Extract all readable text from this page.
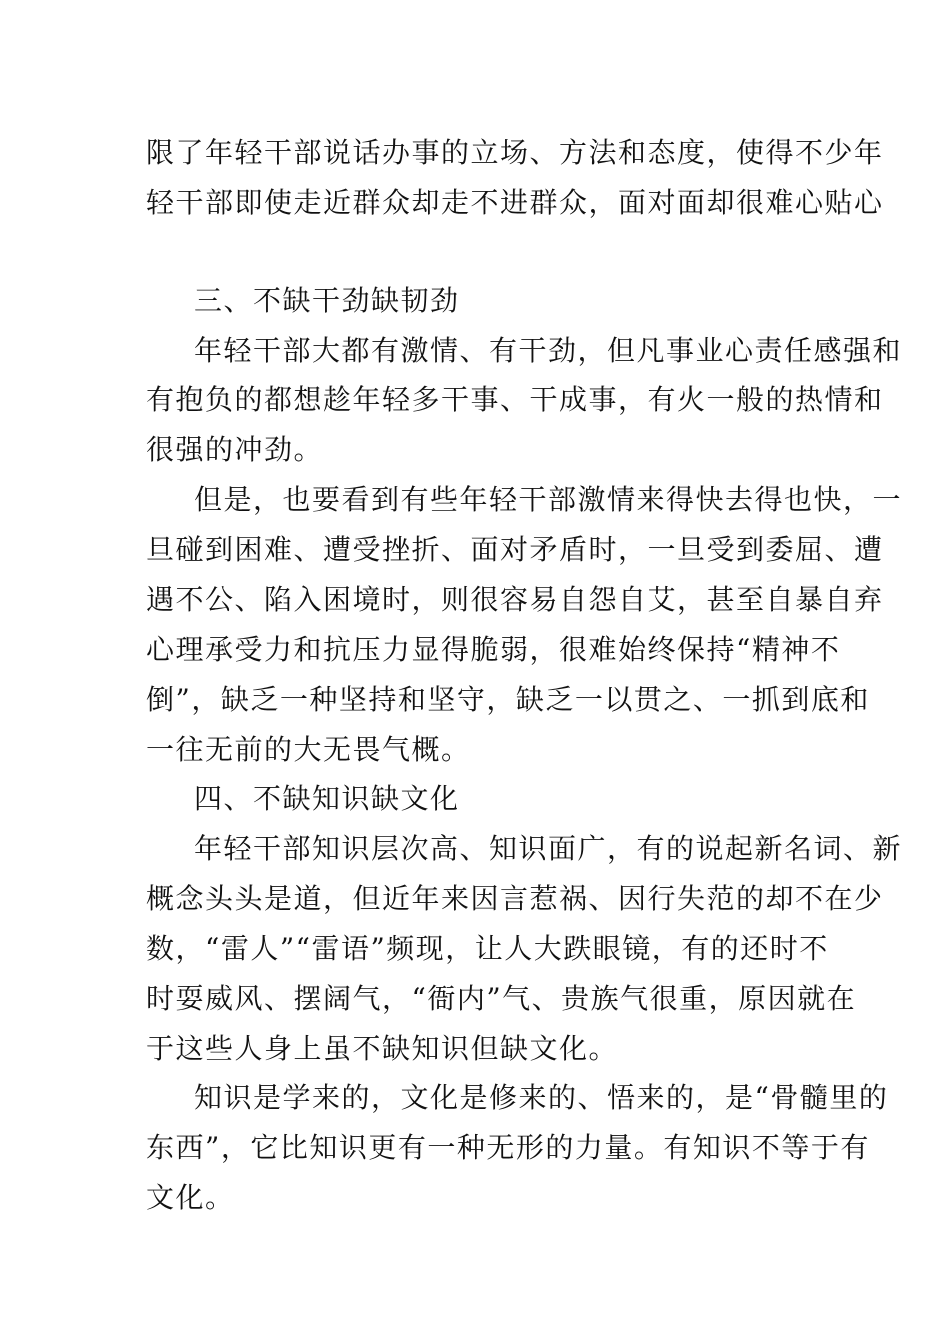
限了年轻干部说话办事的立场、方法和态度，使得不少年
轻干部即使走近群众却走不进群众，面对面却很难心贴心
三、不缺干劲缺韧劲
年轻干部大都有激情、有干劲，但凡事业心责任感强和
有抱负的都想趁年轻多干事、干成事，有火一般的热情和
很强的冲劲。
但是，也要看到有些年轻干部激情来得快去得也快，一
旦碰到困难、遭受挫折、面对矛盾时，一旦受到委屈、遭
遇不公、陷入困境时，则很容易自怨自艾，甚至自暴自弃
心理承受力和抗压力显得脆弱，很难始终保持“精神不
倒”，缺乏一种坚持和坚守，缺乏一以贯之、一抓到底和
一往无前的大无畏气概。
四、不缺知识缺文化
年轻干部知识层次高、知识面广，有的说起新名词、新
概念头头是道，但近年来因言惹祸、因行失范的却不在少
数，“雷人”“雷语”频现，让人大跌眼镜，有的还时不
时耍威风、摆阔气，“衙内”气、贵族气很重，原因就在
于这些人身上虽不缺知识但缺文化。
知识是学来的，文化是修来的、悟来的，是“骨髓里的
东西”，它比知识更有一种无形的力量。有知识不等于有
文化。
